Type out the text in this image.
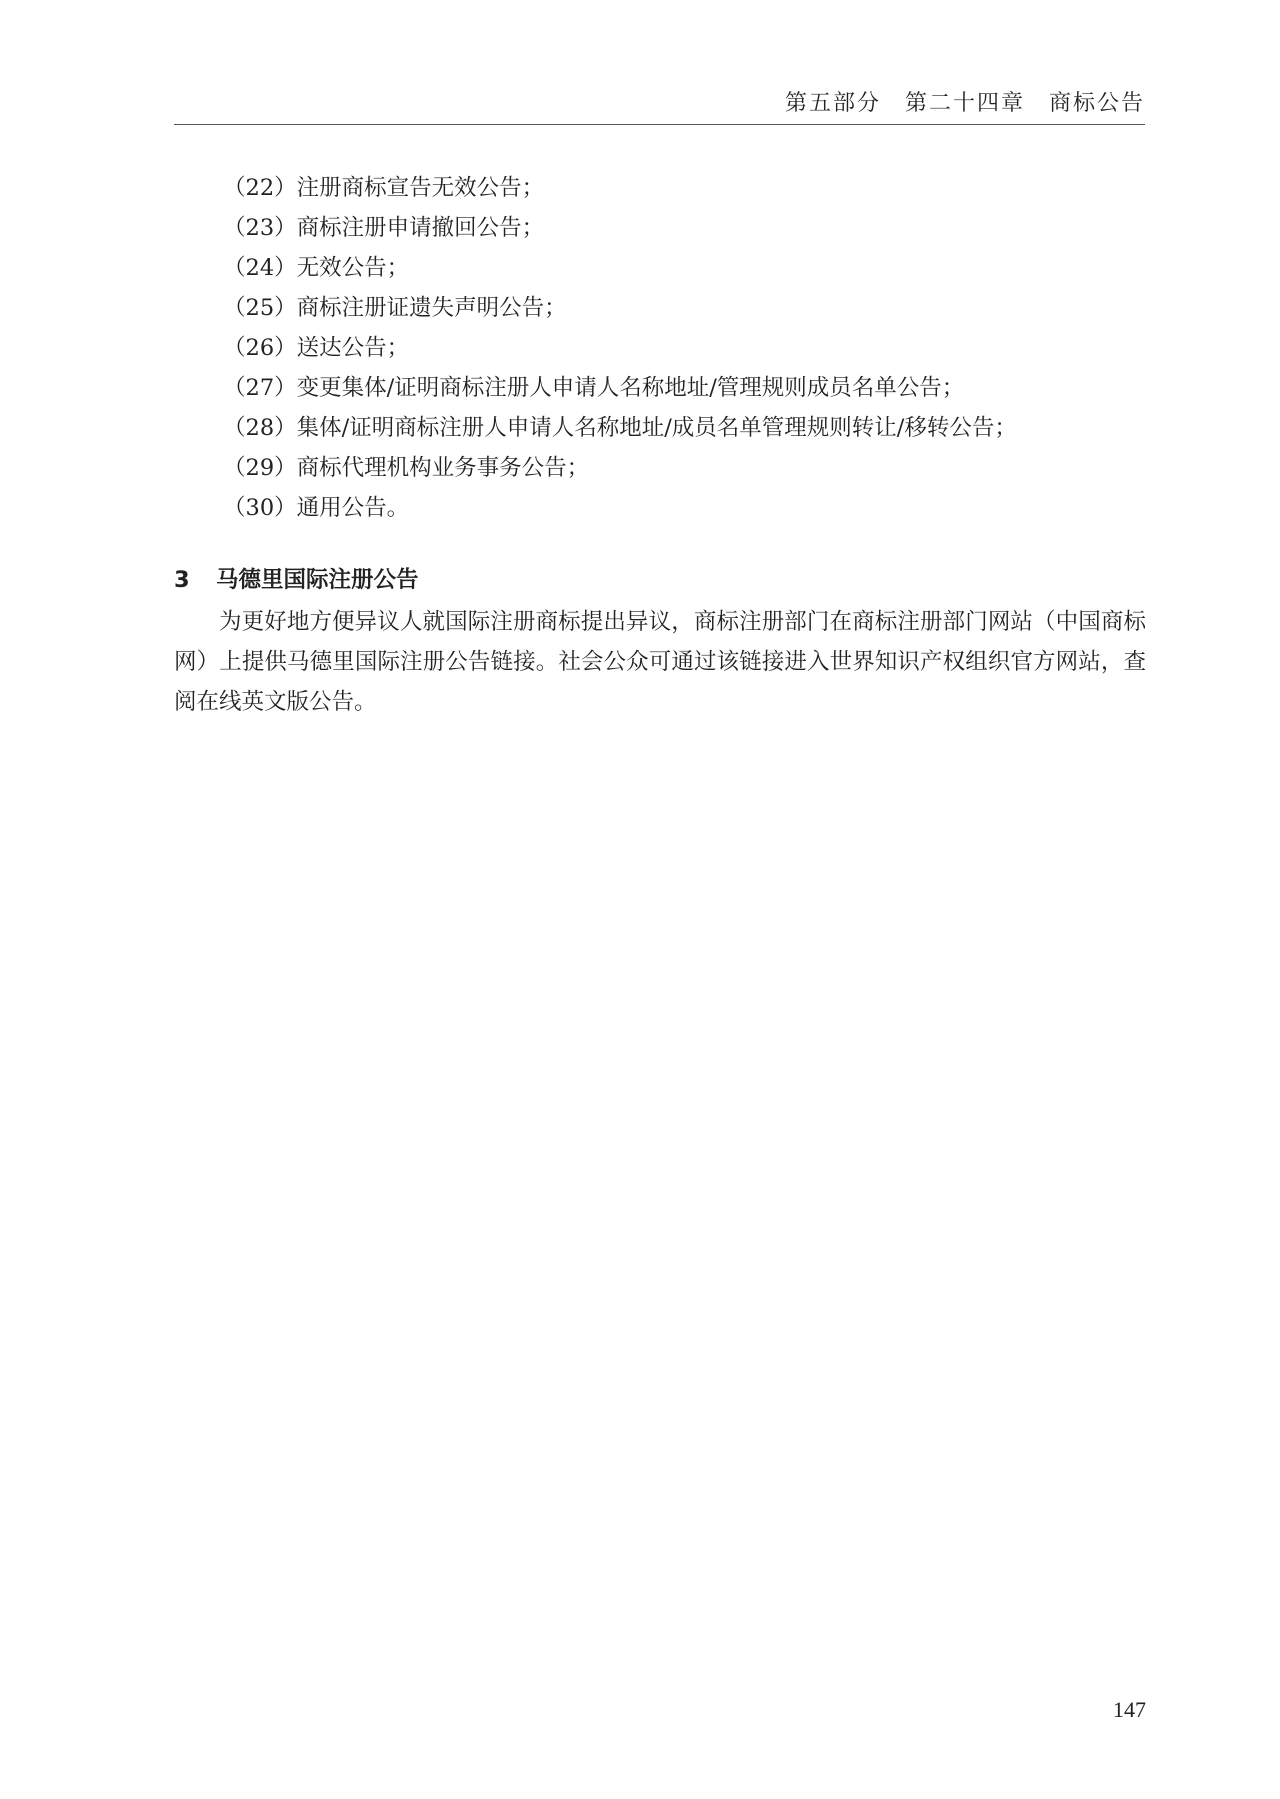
第五部分　第二十四章　商标公告
（22）注册商标宣告无效公告；
（23）商标注册申请撤回公告；
（24）无效公告；
（25）商标注册证遗失声明公告；
（26）送达公告；
（27）变更集体/证明商标注册人申请人名称地址/管理规则成员名单公告；
（28）集体/证明商标注册人申请人名称地址/成员名单管理规则转让/移转公告；
（29）商标代理机构业务事务公告；
（30）通用公告。
3 马德里国际注册公告

为更好地方便异议人就国际注册商标提出异议，商标注册部门在商标注册部门网站（中国商标网）上提供马德里国际注册公告链接。社会公众可通过该链接进入世界知识产权组织官方网站，查阅在线英文版公告。

147
